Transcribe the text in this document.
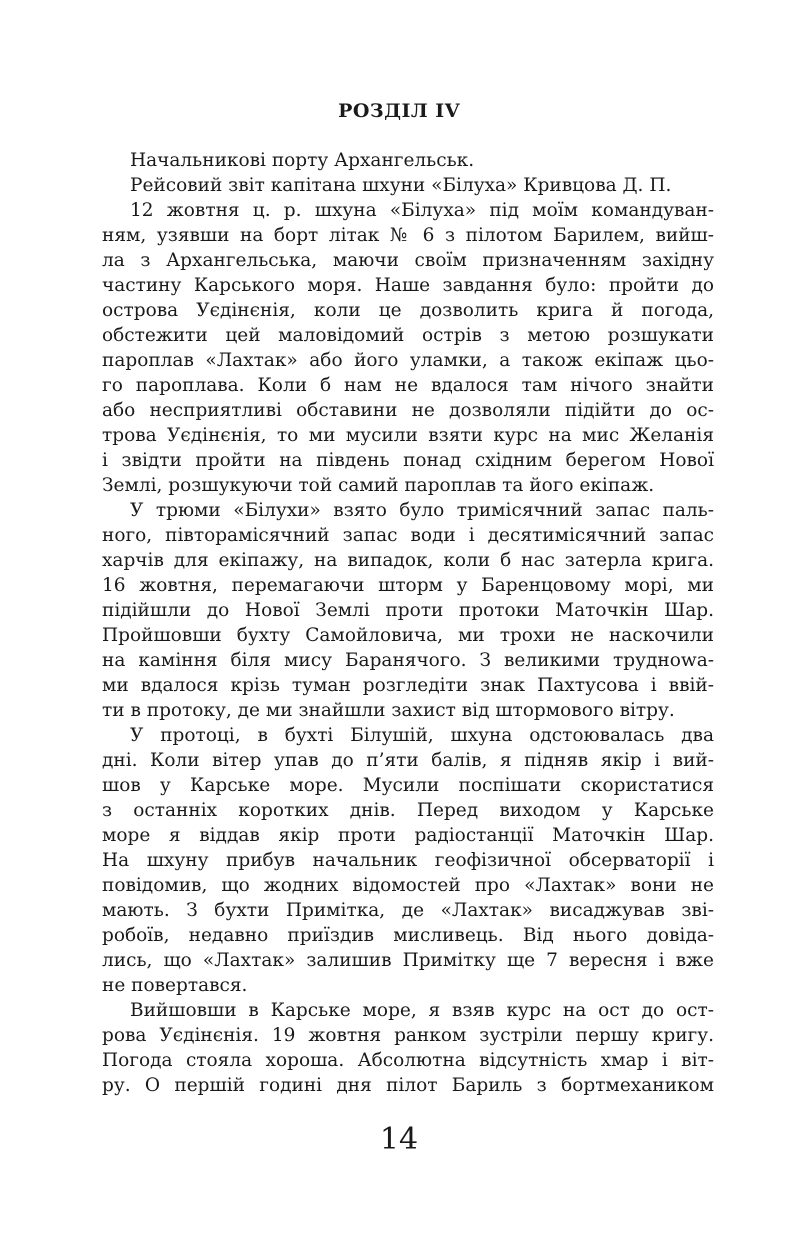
РОЗДІЛ IV
Начальникові порту Архангельськ.
Рейсовий звіт капітана шхуни «Білуха» Кривцова Д. П.
12 жовтня ц. р. шхуна «Білуха» під моїм командуван-
ням, узявши на борт літак № 6 з пілотом Барилем, вийш-
ла з Архангельська, маючи своїм призначенням західну
частину Карського моря. Наше завдання було: пройти до
острова Уєдінєнія, коли це дозволить крига й погода,
обстежити цей маловідомий острів з метою розшукати
пароплав «Лахтак» або його уламки, а також екіпаж цьо-
го пароплава. Коли б нам не вдалося там нічого знайти
або несприятливі обставини не дозволяли підійти до ос-
трова Уєдінєнія, то ми мусили взяти курс на мис Желанія
і звідти пройти на південь понад східним берегом Нової
Землі, розшукуючи той самий пароплав та його екіпаж.
У трюми «Білухи» взято було тримісячний запас паль-
ного, півторамісячний запас води і десятимісячний запас
харчів для екіпажу, на випадок, коли б нас затерла крига.
16 жовтня, перемагаючи шторм у Баренцовому морі, ми
підійшли до Нової Землі проти протоки Маточкін Шар.
Пройшовши бухту Самойловича, ми трохи не наскочили
на каміння біля мису Баранячого. З великими труднowa-
ми вдалося крізь туман розгледіти знак Пахтусова і ввій-
ти в протоку, де ми знайшли захист від штормового вітру.
У протоці, в бухті Білушій, шхуна одстоювалась два
дні. Коли вітер упав до п’яти балів, я підняв якір і вий-
шов у Карське море. Мусили поспішати скористатися
з останніх коротких днів. Перед виходом у Карське
море я віддав якір проти радіостанції Маточкін Шар.
На шхуну прибув начальник геофізичної обсерваторії і
повідомив, що жодних відомостей про «Лахтак» вони не
мають. З бухти Примітка, де «Лахтак» висаджував зві-
робоїв, недавно приїздив мисливець. Від нього довіда-
лись, що «Лахтак» залишив Примітку ще 7 вересня і вже
не повертався.
Вийшовши в Карське море, я взяв курс на ост до ост-
рова Уєдінєнія. 19 жовтня ранком зустріли першу кригу.
Погода стояла хороша. Абсолютна відсутність хмар і віт-
ру. О першій годині дня пілот Бариль з бортмехаником
14
